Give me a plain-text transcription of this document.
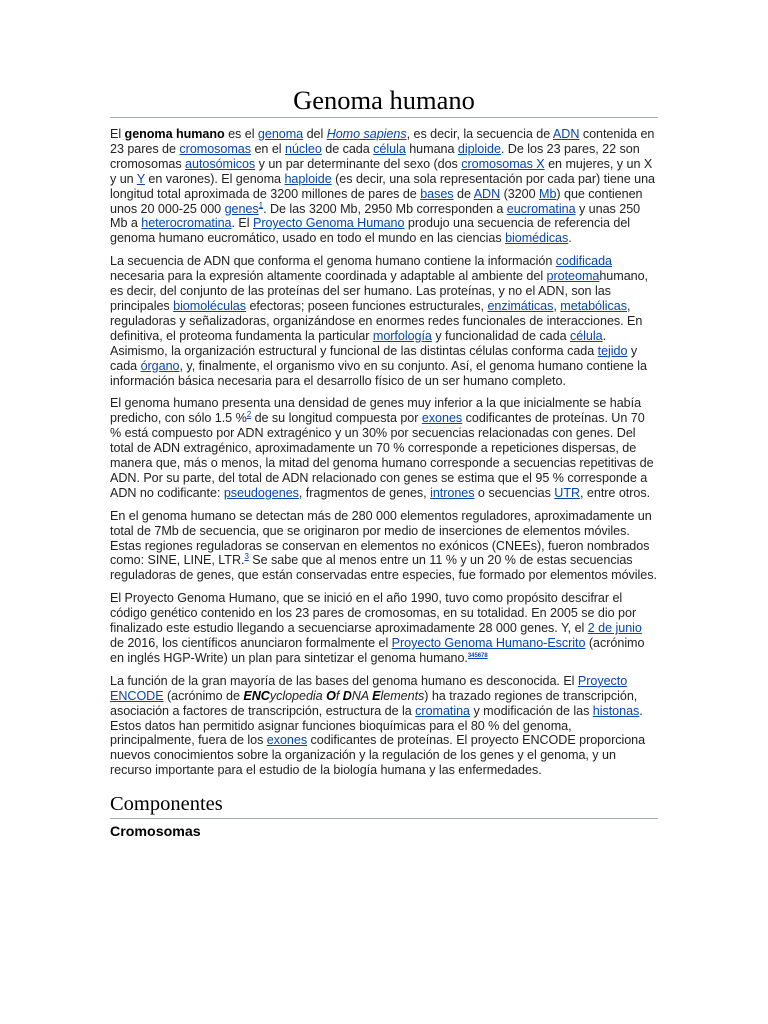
Genoma humano

El genoma humano es el genoma del Homo sapiens, es decir, la secuencia de ADN contenida en 23 pares de cromosomas en el núcleo de cada célula humana diploide. De los 23 pares, 22 son cromosomas autosómicos y un par determinante del sexo (dos cromosomas X en mujeres, y un X y un Y en varones). El genoma haploide (es decir, una sola representación por cada par) tiene una longitud total aproximada de 3200 millones de pares de bases de ADN (3200 Mb) que contienen unos 20 000-25 000 genes$^1$. De las 3200 Mb, 2950 Mb corresponden a eucromatina y unas 250 Mb a heterocromatina. El Proyecto Genoma Humano produjo una secuencia de referencia del genoma humano eucromático, usado en todo el mundo en las ciencias biomédicas.

La secuencia de ADN que conforma el genoma humano contiene la información codificada necesaria para la expresión altamente coordinada y adaptable al ambiente del proteomahumano, es decir, del conjunto de las proteínas del ser humano. Las proteínas, y no el ADN, son las principales biomoléculas efectoras; poseen funciones estructurales, enzimáticas, metabólicas, reguladoras y señalizadoras, organizándose en enormes redes funcionales de interacciones. En definitiva, el proteoma fundamenta la particular morfología y funcionalidad de cada célula. Asimismo, la organización estructural y funcional de las distintas células conforma cada tejido y cada órgano, y, finalmente, el organismo vivo en su conjunto. Así, el genoma humano contiene la información básica necesaria para el desarrollo físico de un ser humano completo.

El genoma humano presenta una densidad de genes muy inferior a la que inicialmente se había predicho, con sólo 1.5 %$^2$ de su longitud compuesta por exones codificantes de proteínas. Un 70 % está compuesto por ADN extragénico y un 30% por secuencias relacionadas con genes. Del total de ADN extragénico, aproximadamente un 70 % corresponde a repeticiones dispersas, de manera que, más o menos, la mitad del genoma humano corresponde a secuencias repetitivas de ADN. Por su parte, del total de ADN relacionado con genes se estima que el 95 % corresponde a ADN no codificante: pseudogenes, fragmentos de genes, intrones o secuencias UTR, entre otros.

En el genoma humano se detectan más de 280 000 elementos reguladores, aproximadamente un total de 7Mb de secuencia, que se originaron por medio de inserciones de elementos móviles. Estas regiones reguladoras se conservan en elementos no exónicos (CNEEs), fueron nombrados como: SINE, LINE, LTR.$^3$ Se sabe que al menos entre un 11 % y un 20 % de estas secuencias reguladoras de genes, que están conservadas entre especies, fue formado por elementos móviles.

El Proyecto Genoma Humano, que se inició en el año 1990, tuvo como propósito descifrar el código genético contenido en los 23 pares de cromosomas, en su totalidad. En 2005 se dio por finalizado este estudio llegando a secuenciarse aproximadamente 28 000 genes. Y, el 2 de junio de 2016, los científicos anunciaron formalmente el Proyecto Genoma Humano-Escrito (acrónimo en inglés HGP-Write) un plan para sintetizar el genoma humano.$^{345678}$

La función de la gran mayoría de las bases del genoma humano es desconocida. El Proyecto ENCODE (acrónimo de ENCyclopedia Of DNA Elements) ha trazado regiones de transcripción, asociación a factores de transcripción, estructura de la cromatina y modificación de las histonas. Estos datos han permitido asignar funciones bioquímicas para el 80 % del genoma, principalmente, fuera de los exones codificantes de proteínas. El proyecto ENCODE proporciona nuevos conocimientos sobre la organización y la regulación de los genes y el genoma, y un recurso importante para el estudio de la biología humana y las enfermedades.

Componentes
Cromosomas
